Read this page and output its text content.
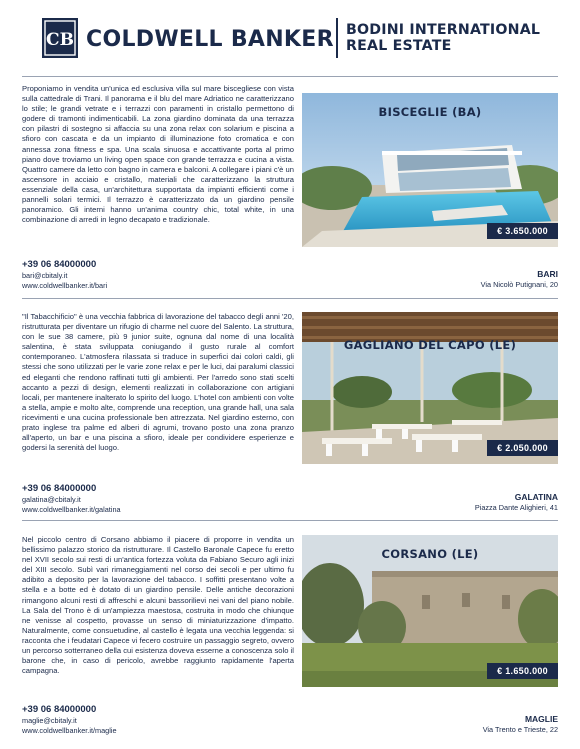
CB COLDWELL BANKER BODINI INTERNATIONAL
REAL ESTATE
Proponiamo in vendita un'unica ed esclusiva villa sul mare biscegliese con vista sulla cattedrale di Trani. Il panorama e il blu del mare Adriatico ne caratterizzano lo stile; le grandi vetrate e i terrazzi con paramenti in cristallo permettono di godere di tramonti indimenticabili. La zona giardino dominata da una terrazza con pilastri di sostegno si affaccia su una zona relax con solarium e piscina a sfioro con cascata e da un impianto di illuminazione foto cromatica e con annessa zona fitness e spa. Una scala sinuosa e accattivante porta al primo piano dove troviamo un living open space con grande terrazza e cucina a vista. Quattro camere da letto con bagno in camera e balconi. A collegare i piani c'è un ascensore in acciaio e cristallo, materiali che caratterizzano la struttura essenziale della casa, un'architettura supportata da impianti efficienti come i pannelli solari termici. Il terrazzo è caratterizzato da un giardino pensile panoramico. Gli interni hanno un'anima country chic, total white, in una combinazione di arredi in legno decapato e tradizionale.
BISCEGLIE (BA)
€ 3.650.000
+39 06 84000000
bari@cbitaly.it
www.coldwellbanker.it/bari
BARI
Via Nicolò Putignani, 20
"Il Tabacchificio" è una vecchia fabbrica di lavorazione del tabacco degli anni '20, ristrutturata per diventare un rifugio di charme nel cuore del Salento. La struttura, con le sue 38 camere, più 9 junior suite, ognuna dal nome di una località salentina, è stata sviluppata coniugando il gusto rurale al comfort contemporaneo. L'atmosfera rilassata si traduce in superfici dai colori caldi, gli stessi che sono utilizzati per le varie zone relax e per le luci, dai paralumi classici ed eleganti che rendono raffinati tutti gli ambienti. Per l'arredo sono stati scelti accanto a pezzi di design, elementi realizzati in collaborazione con artigiani locali, per mantenere inalterato lo spirito del luogo. L'hotel con ambienti con volte a stella, ampie e molto alte, comprende una reception, una grande hall, una sala ricevimenti e una cucina professionale ben attrezzata. Nel giardino esterno, con prato inglese tra palme ed alberi di agrumi, trovano posto una zona pranzo all'aperto, un bar e una piscina a sfioro, ideale per condividere esperienze e godersi la serenità del luogo.
GAGLIANO DEL CAPO (LE)
€ 2.050.000
+39 06 84000000
galatina@cbitaly.it
www.coldwellbanker.it/galatina
GALATINA
Piazza Dante Alighieri, 41
Nel piccolo centro di Corsano abbiamo il piacere di proporre in vendita un bellissimo palazzo storico da ristrutturare. Il Castello Baronale Capece fu eretto nel XVII secolo sui resti di un'antica fortezza voluta da Fabiano Securo agli inizi del XIII secolo. Subì vari rimaneggiamenti nel corso dei secoli e per ultimo fu adibito a deposito per la lavorazione del tabacco. I soffitti presentano volte a stella e a botte ed è dotato di un giardino pensile. Delle antiche decorazioni rimangono alcuni resti di affreschi e alcuni bassorilievi nei vani del piano nobile. La Sala del Trono è di un'ampiezza maestosa, costruita in modo che chiunque ne venisse al cospetto, provasse un senso di miniaturizzazione d'impatto. Naturalmente, come consuetudine, al castello è legata una vecchia leggenda: si racconta che i feudatari Capece vi fecero costruire un passaggio segreto, ovvero un percorso sotterraneo della cui esistenza doveva esserne a conoscenza solo il barone che, in caso di pericolo, avrebbe raggiunto rapidamente l'aperta campagna.
CORSANO (LE)
€ 1.650.000
+39 06 84000000
maglie@cbitaly.it
www.coldwellbanker.it/maglie
MAGLIE
Via Trento e Trieste, 22
